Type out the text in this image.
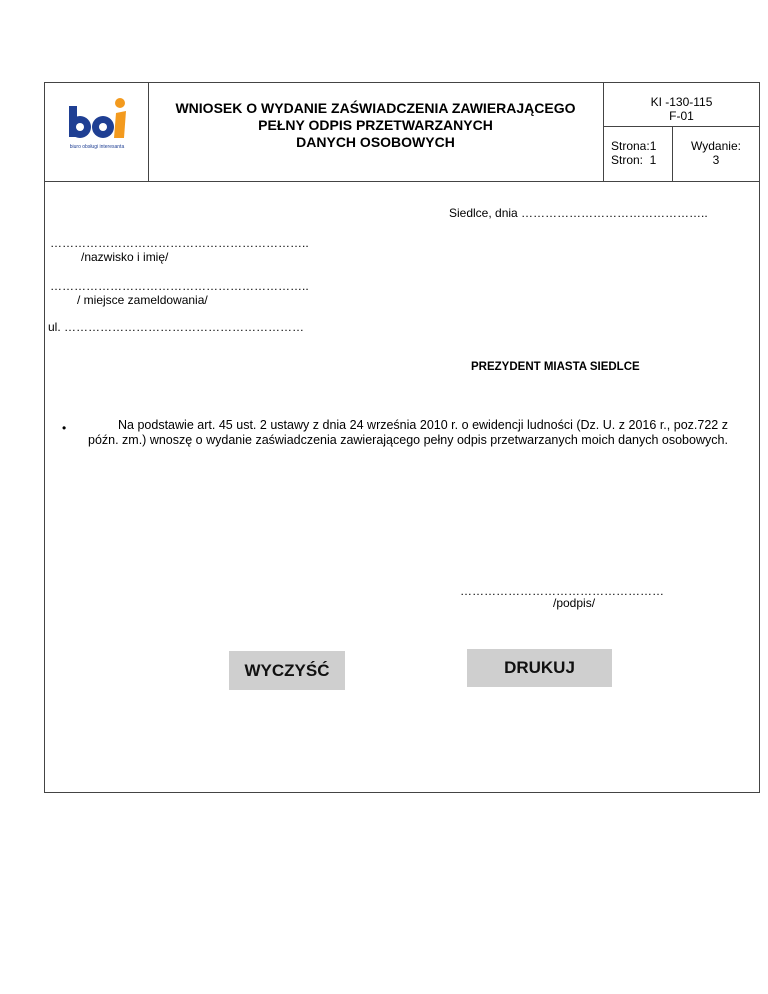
biuro obsługi interesanta
WNIOSEK O WYDANIE ZAŚWIADCZENIA ZAWIERAJĄCEGO
PEŁNY ODPIS PRZETWARZANYCH
DANYCH OSOBOWYCH
KI -130-115
F-01
Strona:1
Stron:  1
Wydanie:
3
Siedlce, dnia ………………………………………..
………………………………………………………..
/nazwisko i imię/
………………………………………………………..
/ miejsce zameldowania/
ul. ……………………………………………………
PREZYDENT MIASTA SIEDLCE
•	Na podstawie art. 45 ust. 2 ustawy z dnia 24 września 2010 r. o ewidencji ludności (Dz. U. z 2016 r., poz.722 z późn. zm.) wnoszę o wydanie zaświadczenia zawierającego pełny odpis przetwarzanych moich danych osobowych.
……………………………………………
/podpis/
WYCZYŚĆ	DRUKUJ
